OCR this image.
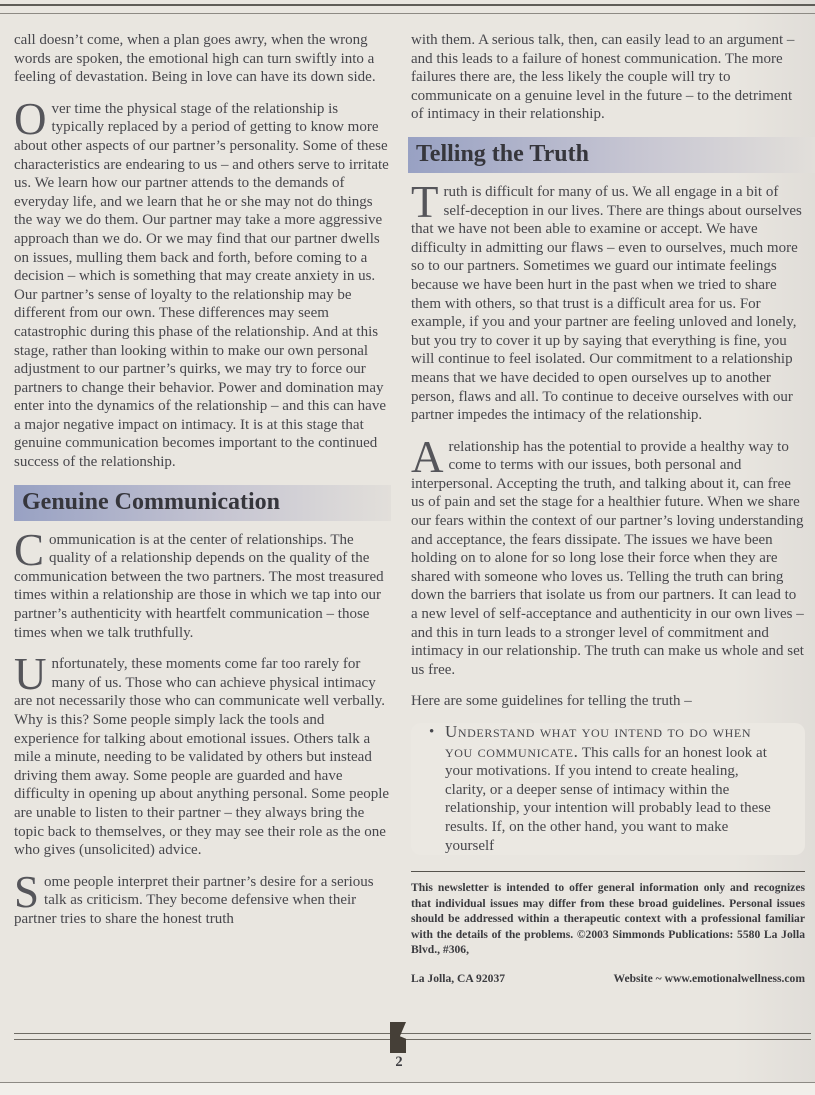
call doesn’t come, when a plan goes awry, when the wrong words are spoken, the emotional high can turn swiftly into a feeling of devastation. Being in love can have its down side.

Over time the physical stage of the relationship is typically replaced by a period of getting to know more about other aspects of our partner’s personality. Some of these characteristics are endearing to us – and others serve to irritate us. We learn how our partner attends to the demands of everyday life, and we learn that he or she may not do things the way we do them. Our partner may take a more aggressive approach than we do. Or we may find that our partner dwells on issues, mulling them back and forth, before coming to a decision – which is something that may create anxiety in us. Our partner’s sense of loyalty to the relationship may be different from our own. These differences may seem catastrophic during this phase of the relationship. And at this stage, rather than looking within to make our own personal adjustment to our partner’s quirks, we may try to force our partners to change their behavior. Power and domination may enter into the dynamics of the relationship – and this can have a major negative impact on intimacy. It is at this stage that genuine communication becomes important to the continued success of the relationship.

Genuine Communication

Communication is at the center of relationships. The quality of a relationship depends on the quality of the communication between the two partners. The most treasured times within a relationship are those in which we tap into our partner’s authenticity with heartfelt communication – those times when we talk truthfully.

Unfortunately, these moments come far too rarely for many of us. Those who can achieve physical intimacy are not necessarily those who can communicate well verbally. Why is this? Some people simply lack the tools and experience for talking about emotional issues. Others talk a mile a minute, needing to be validated by others but instead driving them away. Some people are guarded and have difficulty in opening up about anything personal. Some people are unable to listen to their partner – they always bring the topic back to themselves, or they may see their role as the one who gives (unsolicited) advice.

Some people interpret their partner’s desire for a serious talk as criticism. They become defensive when their partner tries to share the honest truth

with them. A serious talk, then, can easily lead to an argument – and this leads to a failure of honest communication. The more failures there are, the less likely the couple will try to communicate on a genuine level in the future – to the detriment of intimacy in their relationship.

Telling the Truth

Truth is difficult for many of us. We all engage in a bit of self-deception in our lives. There are things about ourselves that we have not been able to examine or accept. We have difficulty in admitting our flaws – even to ourselves, much more so to our partners. Sometimes we guard our intimate feelings because we have been hurt in the past when we tried to share them with others, so that trust is a difficult area for us. For example, if you and your partner are feeling unloved and lonely, but you try to cover it up by saying that everything is fine, you will continue to feel isolated. Our commitment to a relationship means that we have decided to open ourselves up to another person, flaws and all. To continue to deceive ourselves with our partner impedes the intimacy of the relationship.

Arelationship has the potential to provide a healthy way to come to terms with our issues, both personal and interpersonal. Accepting the truth, and talking about it, can free us of pain and set the stage for a healthier future. When we share our fears within the context of our partner’s loving understanding and acceptance, the fears dissipate. The issues we have been holding on to alone for so long lose their force when they are shared with someone who loves us. Telling the truth can bring down the barriers that isolate us from our partners. It can lead to a new level of self-acceptance and authenticity in our own lives – and this in turn leads to a stronger level of commitment and intimacy in our relationship. The truth can make us whole and set us free.

Here are some guidelines for telling the truth –
• Understand what you intend to do when you communicate. This calls for an honest look at your motivations. If you intend to create healing, clarity, or a deeper sense of intimacy within the relationship, your intention will probably lead to these results. If, on the other hand, you want to make yourself

This newsletter is intended to offer general information only and recognizes that individual issues may differ from these broad guidelines. Personal issues should be addressed within a therapeutic context with a professional familiar with the details of the problems. ©2003 Simmonds Publications: 5580 La Jolla Blvd., #306,

La Jolla, CA 92037	Website ~ www.emotionalwellness.com
2
